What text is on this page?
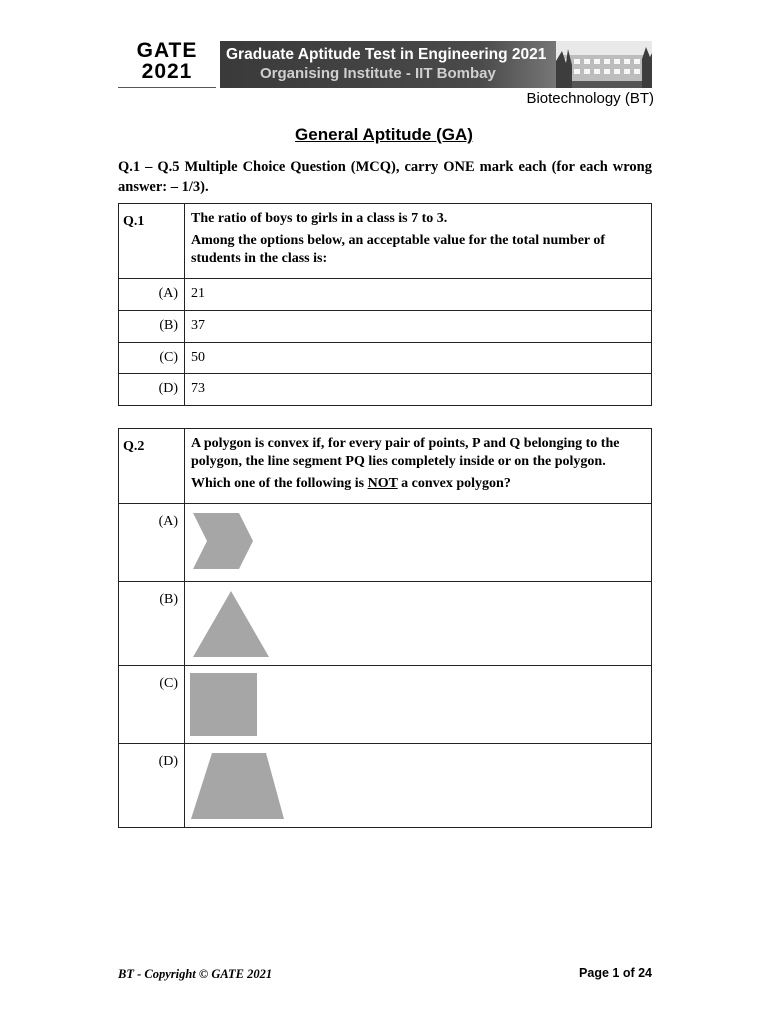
GATE
2021
Graduate Aptitude Test in Engineering 2021
Organising Institute - IIT Bombay
Biotechnology (BT)
General Aptitude (GA)
Q.1 – Q.5 Multiple Choice Question (MCQ), carry ONE mark each (for each wrong answer: – 1/3).
Q.1	The ratio of boys to girls in a class is 7 to 3.

Among the options below, an acceptable value for the total number of students in the class is:

(A)	21
(B)	37
(C)	50
(D)	73
Q.2	A polygon is convex if, for every pair of points, P and Q belonging to the polygon, the line segment PQ lies completely inside or on the polygon.

Which one of the following is NOT a convex polygon?

(A)	

(B)	

(C)	

(D)	
BT - Copyright © GATE 2021	Page 1 of 24
